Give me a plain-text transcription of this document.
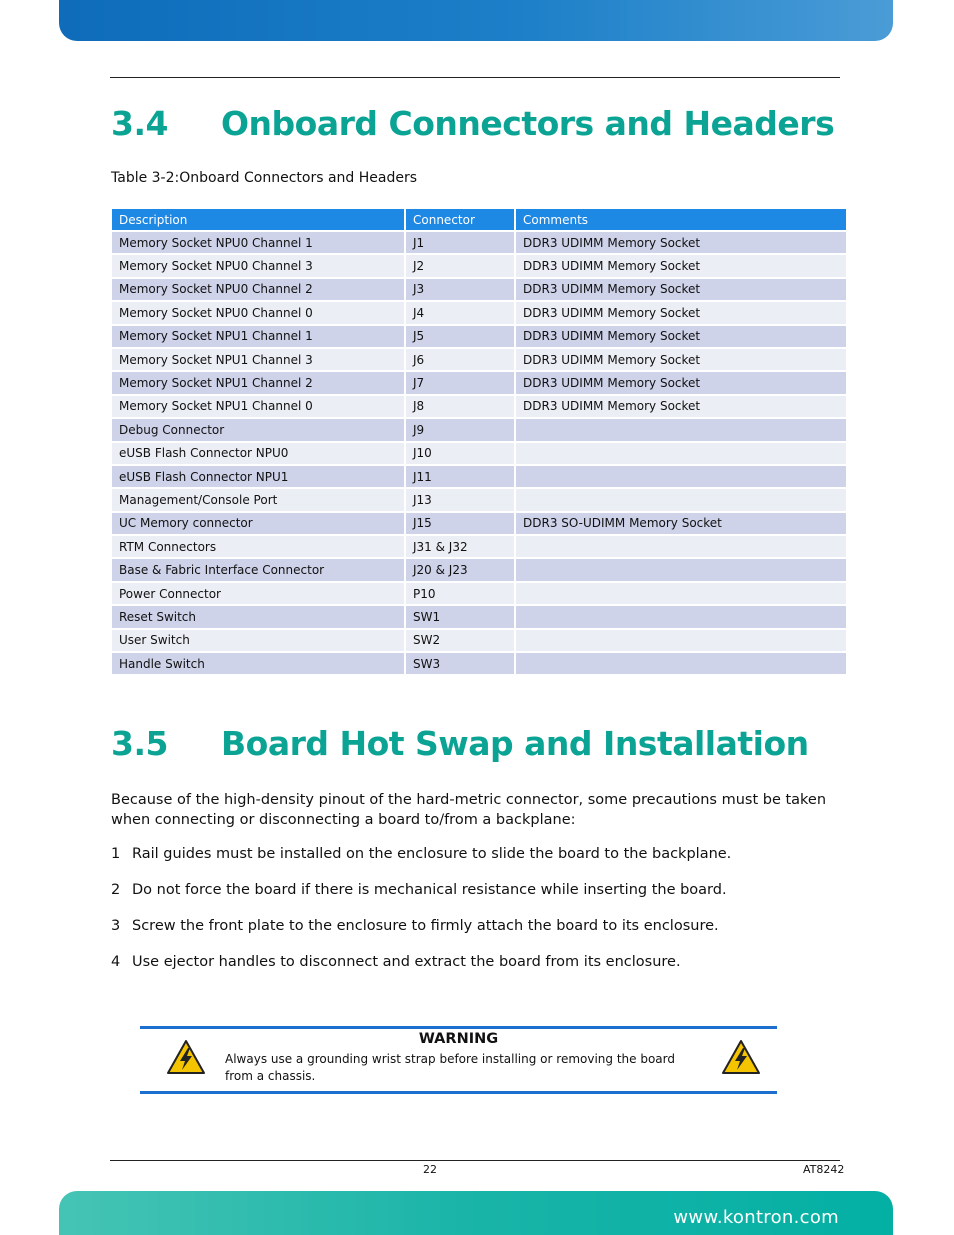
3.4 Onboard Connectors and Headers
Table 3-2:Onboard Connectors and Headers
Description	Connector	Comments
Memory Socket NPU0 Channel 1	J1	DDR3 UDIMM Memory Socket
Memory Socket NPU0 Channel 3	J2	DDR3 UDIMM Memory Socket
Memory Socket NPU0 Channel 2	J3	DDR3 UDIMM Memory Socket
Memory Socket NPU0 Channel 0	J4	DDR3 UDIMM Memory Socket
Memory Socket NPU1 Channel 1	J5	DDR3 UDIMM Memory Socket
Memory Socket NPU1 Channel 3	J6	DDR3 UDIMM Memory Socket
Memory Socket NPU1 Channel 2	J7	DDR3 UDIMM Memory Socket
Memory Socket NPU1 Channel 0	J8	DDR3 UDIMM Memory Socket
Debug Connector	J9	
eUSB Flash Connector NPU0	J10	
eUSB Flash Connector NPU1	J11	
Management/Console Port	J13	
UC Memory connector	J15	DDR3 SO-UDIMM Memory Socket
RTM Connectors	J31 & J32	
Base & Fabric Interface Connector	J20 & J23	
Power Connector	P10	
Reset Switch	SW1	
User Switch	SW2	
Handle Switch	SW3	
3.5 Board Hot Swap and Installation
Because of the high-density pinout of the hard-metric connector, some precautions must be taken when connecting or disconnecting a board to/from a backplane:
1 Rail guides must be installed on the enclosure to slide the board to the backplane.
2 Do not force the board if there is mechanical resistance while inserting the board.
3 Screw the front plate to the enclosure to firmly attach the board to its enclosure.
4 Use ejector handles to disconnect and extract the board from its enclosure.
WARNING
Always use a grounding wrist strap before installing or removing the board from a chassis.
22	AT8242
www.kontron.com
